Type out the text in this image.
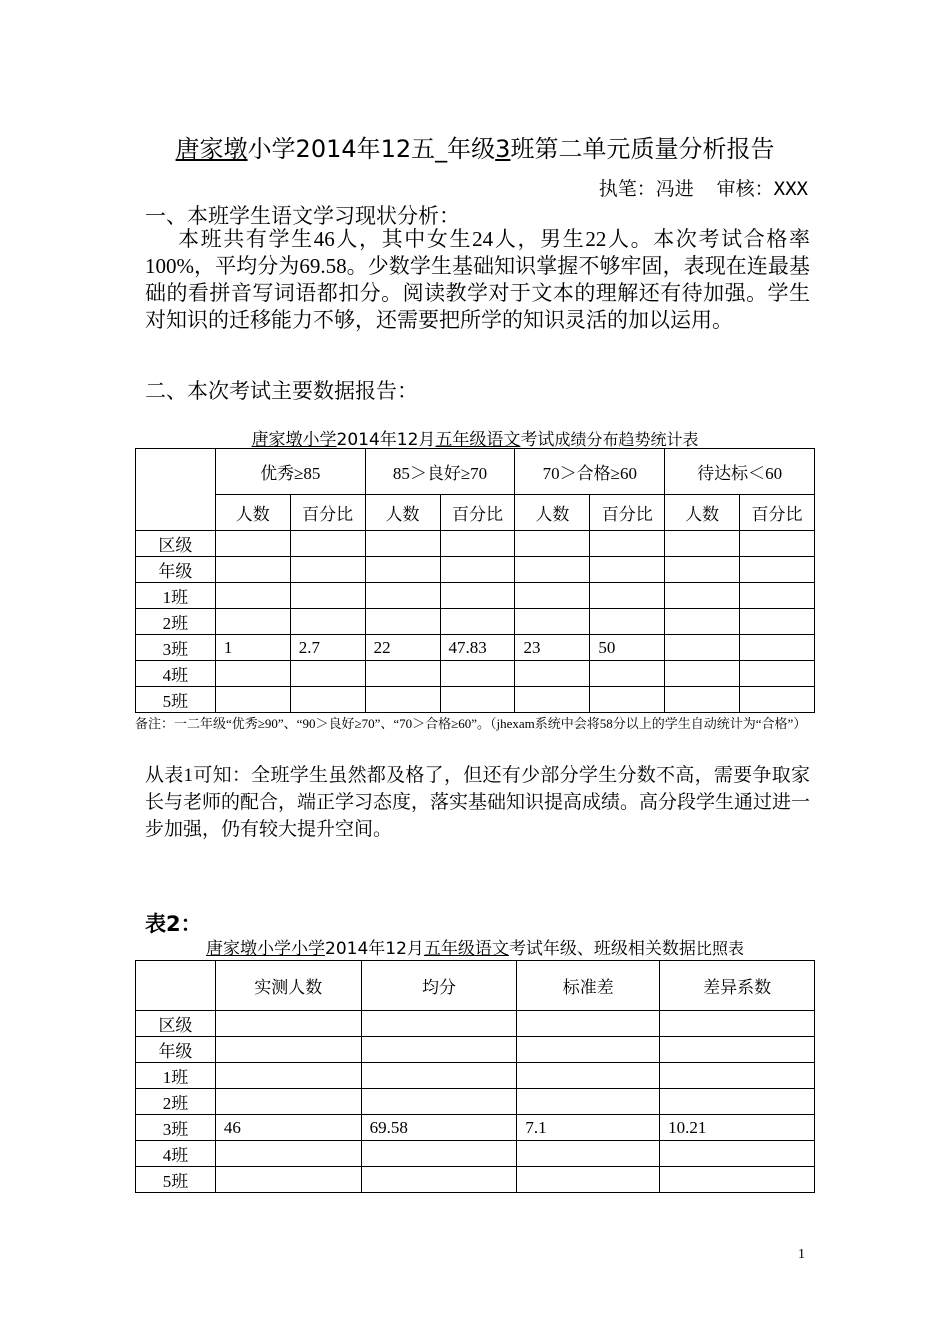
唐家墩小学2014年12五_年级3班第二单元质量分析报告
执笔：冯进  审核：XXX
一、本班学生语文学习现状分析：
本班共有学生46人，其中女生24人，男生22人。本次考试合格率100%，平均分为69.58。少数学生基础知识掌握不够牢固，表现在连最基础的看拼音写词语都扣分。阅读教学对于文本的理解还有待加强。学生对知识的迁移能力不够，还需要把所学的知识灵活的加以运用。
二、本次考试主要数据报告：
唐家墩小学2014年12月五年级语文考试成绩分布趋势统计表
	优秀≥85		85＞良好≥70		70＞合格≥60		待达标＜60	
	人数	百分比	人数	百分比	人数	百分比	人数	百分比
区级								
年级								
1班								
2班								
3班	1	2.7	22	47.83	23	50		
4班								
5班								
备注：一二年级“优秀≥90”、“90＞良好≥70”、“70＞合格≥60”。（jhexam系统中会将58分以上的学生自动统计为“合格”）
从表1可知：全班学生虽然都及格了，但还有少部分学生分数不高，需要争取家长与老师的配合，端正学习态度，落实基础知识提高成绩。高分段学生通过进一步加强，仍有较大提升空间。
表2：
唐家墩小学小学2014年12月五年级语文考试年级、班级相关数据比照表
	实测人数	均分	标准差	差异系数
区级				
年级				
1班				
2班				
3班	46	69.58	7.1	10.21
4班				
5班				
1
